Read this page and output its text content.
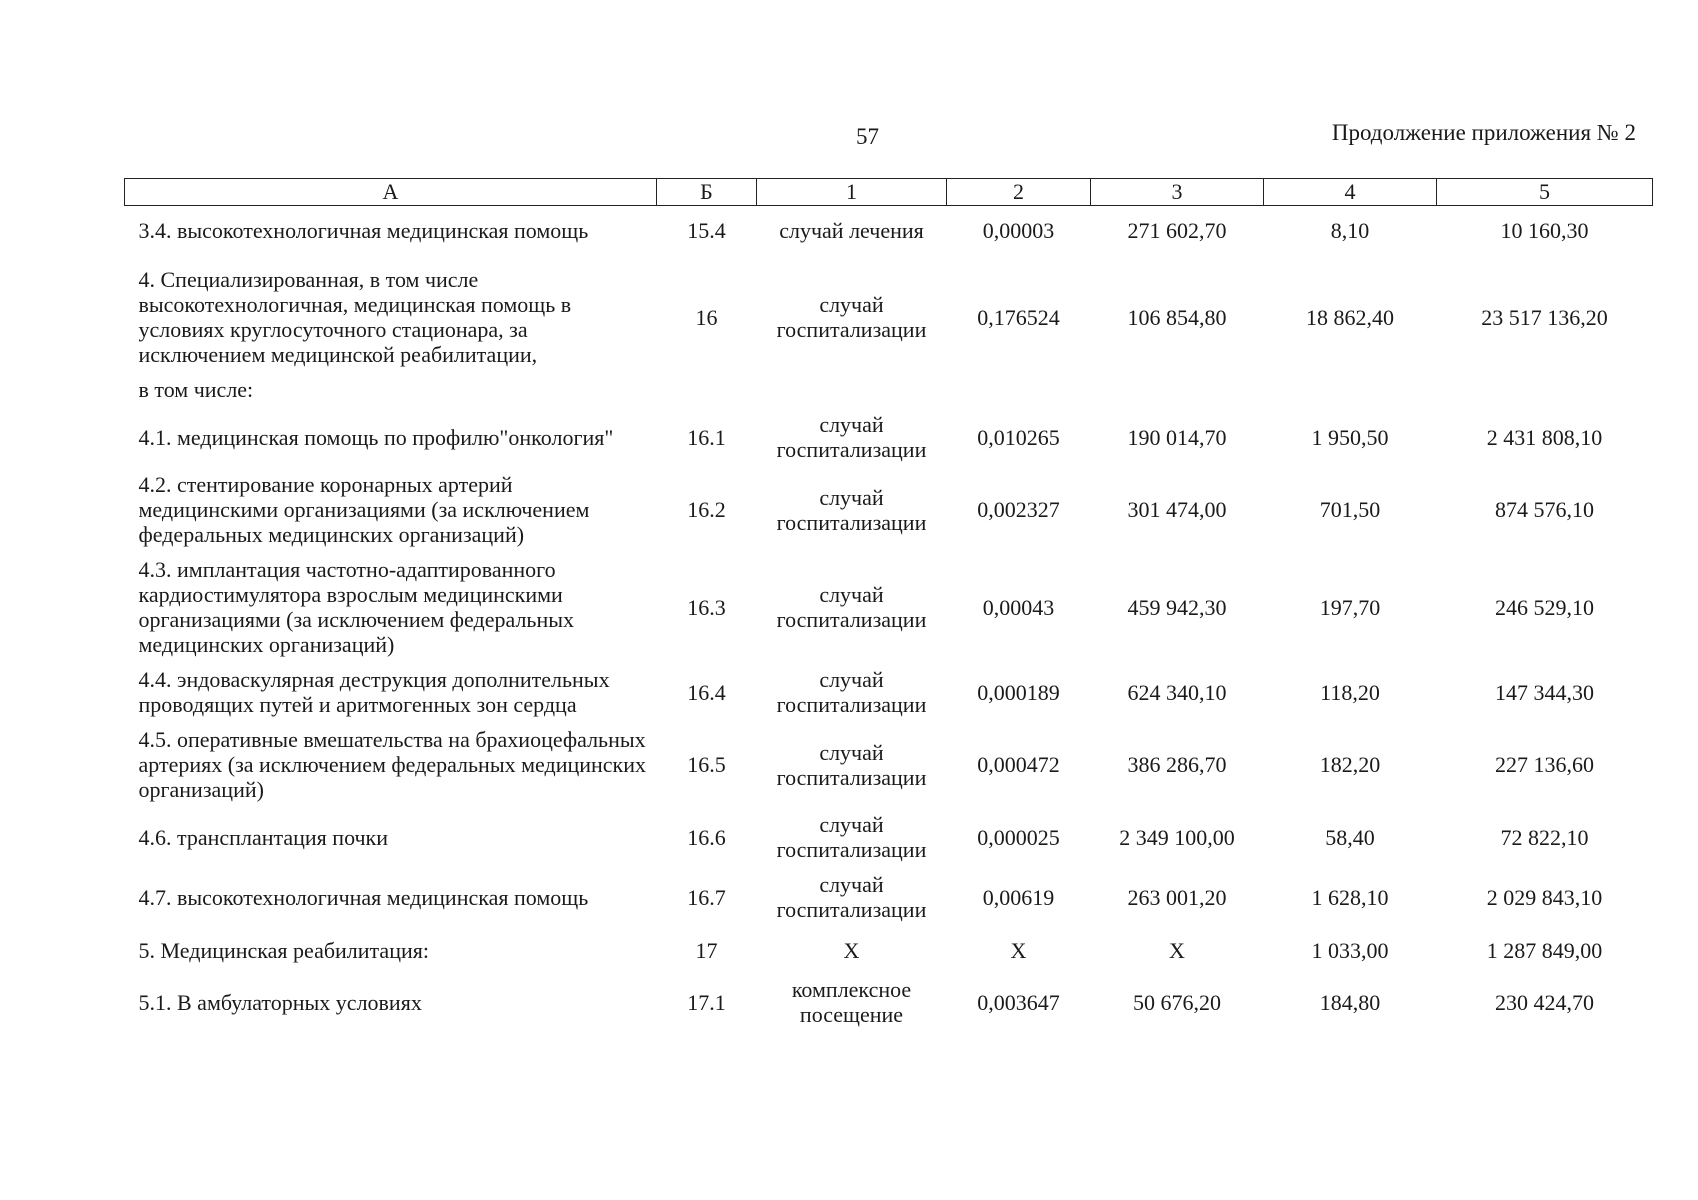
57	Продолжение приложения № 2
А	Б	1	2	3	4	5
3.4. высокотехнологичная медицинская помощь	15.4	случай лечения	0,00003	271 602,70	8,10	10 160,30
4. Специализированная, в том числе высокотехнологичная, медицинская помощь в условиях круглосуточного стационара, за исключением медицинской реабилитации,	16	случай госпитализации	0,176524	106 854,80	18 862,40	23 517 136,20
в том числе:						
4.1. медицинская помощь по профилю"онкология"	16.1	случай госпитализации	0,010265	190 014,70	1 950,50	2 431 808,10
4.2. стентирование коронарных артерий медицинскими организациями (за исключением федеральных медицинских организаций)	16.2	случай госпитализации	0,002327	301 474,00	701,50	874 576,10
4.3. имплантация частотно-адаптированного кардиостимулятора взрослым медицинскими организациями (за исключением федеральных медицинских организаций)	16.3	случай госпитализации	0,00043	459 942,30	197,70	246 529,10
4.4. эндоваскулярная деструкция дополнительных проводящих путей и аритмогенных зон сердца	16.4	случай госпитализации	0,000189	624 340,10	118,20	147 344,30
4.5. оперативные вмешательства на брахиоцефальных артериях (за исключением федеральных медицинских организаций)	16.5	случай госпитализации	0,000472	386 286,70	182,20	227 136,60
4.6. трансплантация почки	16.6	случай госпитализации	0,000025	2 349 100,00	58,40	72 822,10
4.7. высокотехнологичная медицинская помощь	16.7	случай госпитализации	0,00619	263 001,20	1 628,10	2 029 843,10
5. Медицинская реабилитация:	17	Х	Х	Х	1 033,00	1 287 849,00
5.1. В амбулаторных условиях	17.1	комплексное посещение	0,003647	50 676,20	184,80	230 424,70
